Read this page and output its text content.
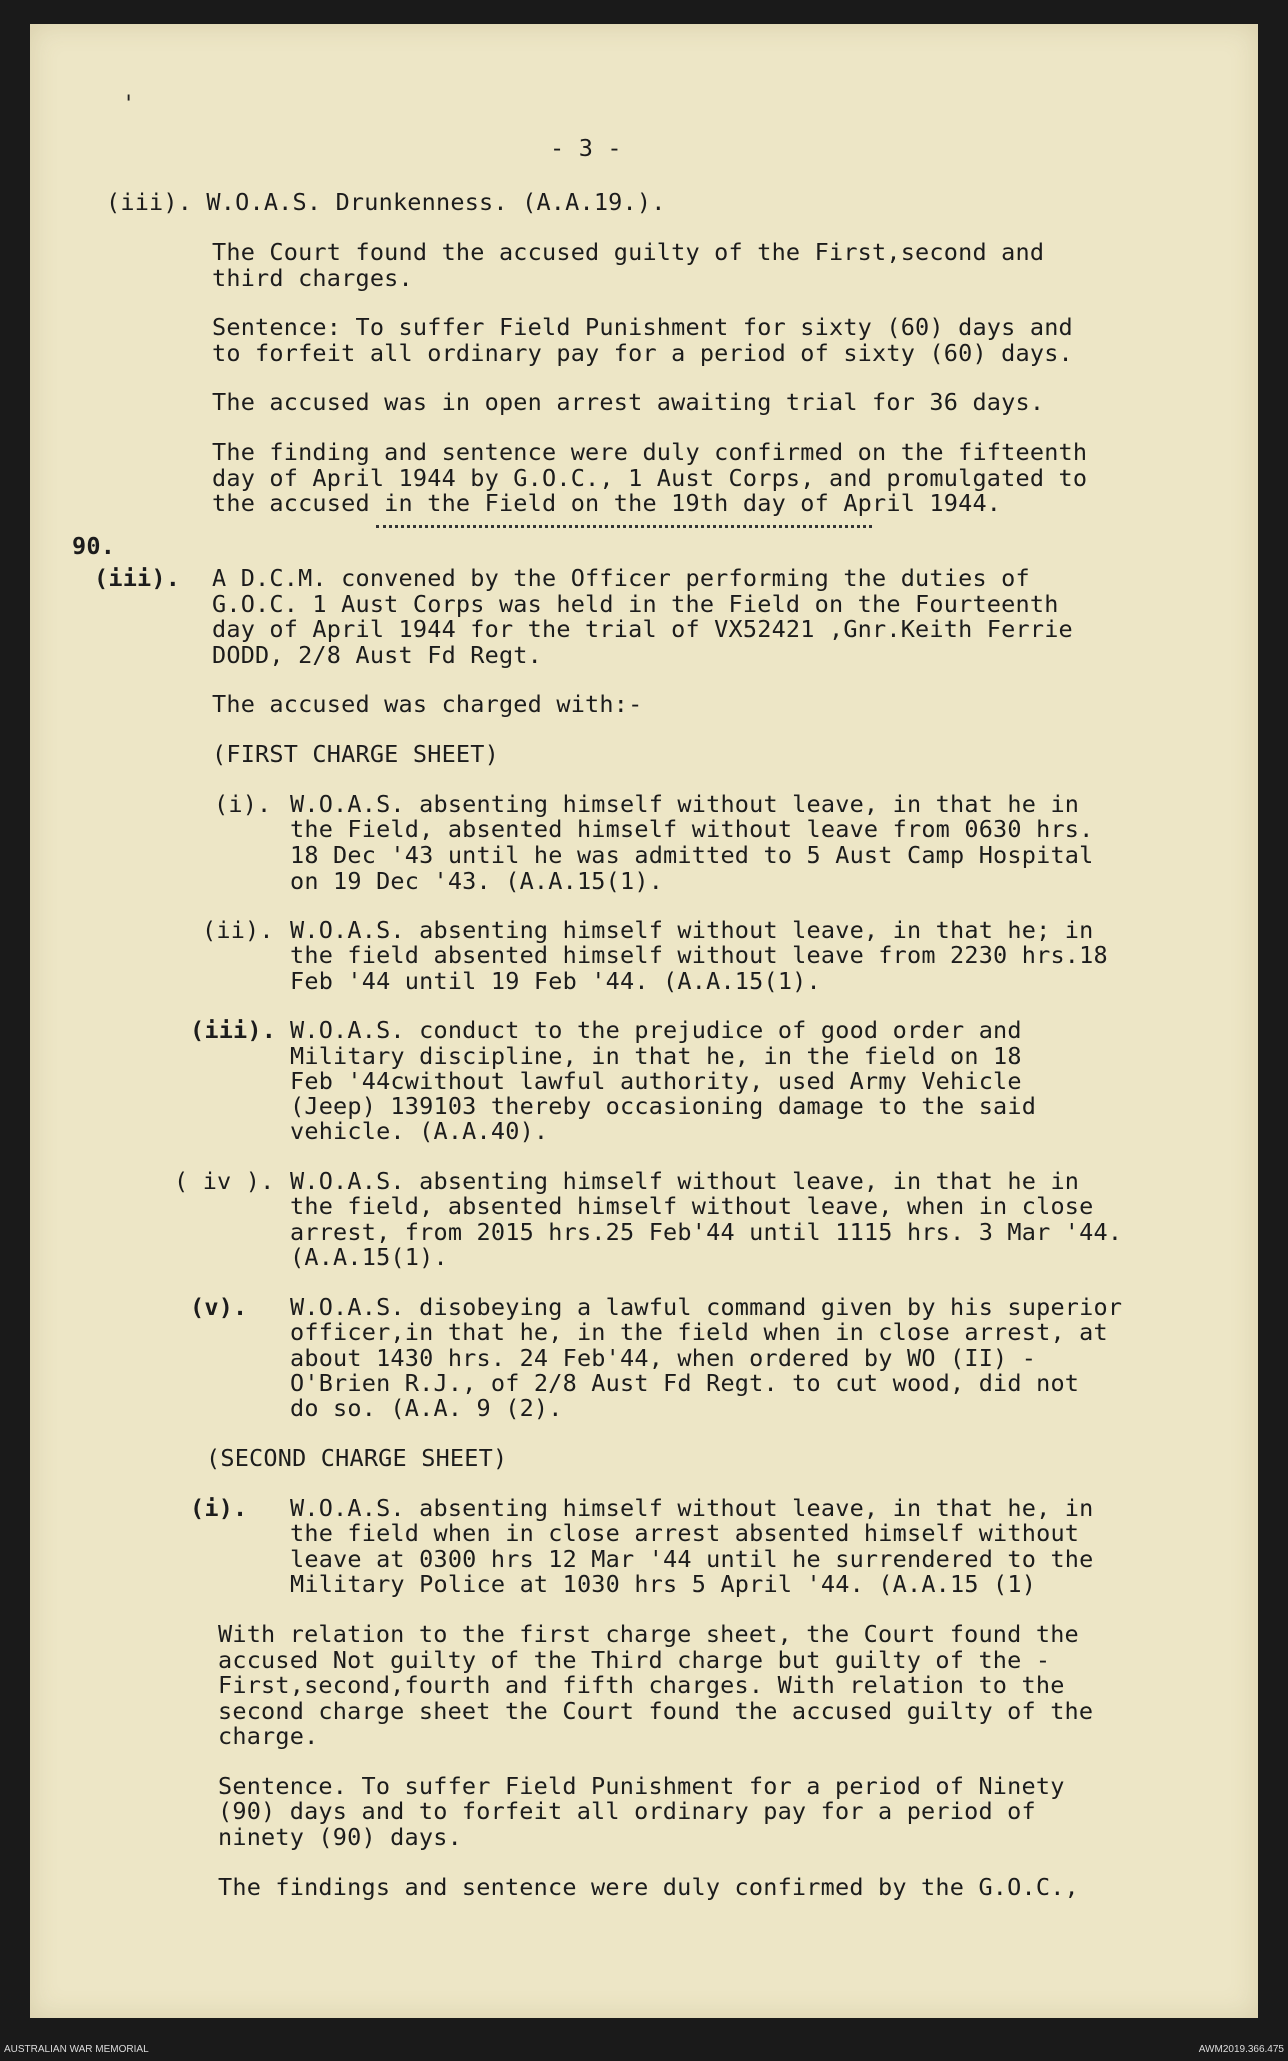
'
- 3 -
(iii). W.O.A.S. Drunkenness. (A.A.19.).
The Court found the accused guilty of the First,second and
third charges.
Sentence: To suffer Field Punishment for sixty (60) days and
to forfeit all ordinary pay for a period of sixty (60) days.
The accused was in open arrest awaiting trial for 36 days.
The finding and sentence were duly confirmed on the fifteenth
day of April 1944 by G.O.C., 1 Aust Corps, and promulgated to
the accused in the Field on the 19th day of April 1944.
90.
(iii). A D.C.M. convened by the Officer performing the duties of
G.O.C. 1 Aust Corps was held in the Field on the Fourteenth
day of April 1944 for the trial of VX52421 ,Gnr.Keith Ferrie
DODD, 2/8 Aust Fd Regt.
The accused was charged with:-
(FIRST CHARGE SHEET)
(i). W.O.A.S. absenting himself without leave, in that he in
the Field, absented himself without leave from 0630 hrs.
18 Dec '43 until he was admitted to 5 Aust Camp Hospital
on 19 Dec '43. (A.A.15(1).
(ii). W.O.A.S. absenting himself without leave, in that he; in
the field absented himself without leave from 2230 hrs.18
Feb '44 until 19 Feb '44. (A.A.15(1).
(iii). W.O.A.S. conduct to the prejudice of good order and
Military discipline, in that he, in the field on 18
Feb '44cwithout lawful authority, used Army Vehicle
(Jeep) 139103 thereby occasioning damage to the said
vehicle. (A.A.40).
( iv ). W.O.A.S. absenting himself without leave, in that he in
the field, absented himself without leave, when in close
arrest, from 2015 hrs.25 Feb'44 until 1115 hrs. 3 Mar '44.
(A.A.15(1).
(v). W.O.A.S. disobeying a lawful command given by his superior
officer,in that he, in the field when in close arrest, at
about 1430 hrs. 24 Feb'44, when ordered by WO (II) -
O'Brien R.J., of 2/8 Aust Fd Regt. to cut wood, did not
do so. (A.A. 9 (2).
(SECOND CHARGE SHEET)
(i). W.O.A.S. absenting himself without leave, in that he, in
the field when in close arrest absented himself without
leave at 0300 hrs 12 Mar '44 until he surrendered to the
Military Police at 1030 hrs 5 April '44. (A.A.15 (1)
With relation to the first charge sheet, the Court found the
accused Not guilty of the Third charge but guilty of the -
First,second,fourth and fifth charges. With relation to the
second charge sheet the Court found the accused guilty of the
charge.
Sentence. To suffer Field Punishment for a period of Ninety
(90) days and to forfeit all ordinary pay for a period of
ninety (90) days.
The findings and sentence were duly confirmed by the G.O.C.,
AUSTRALIAN WAR MEMORIAL	AWM2019.366.475
